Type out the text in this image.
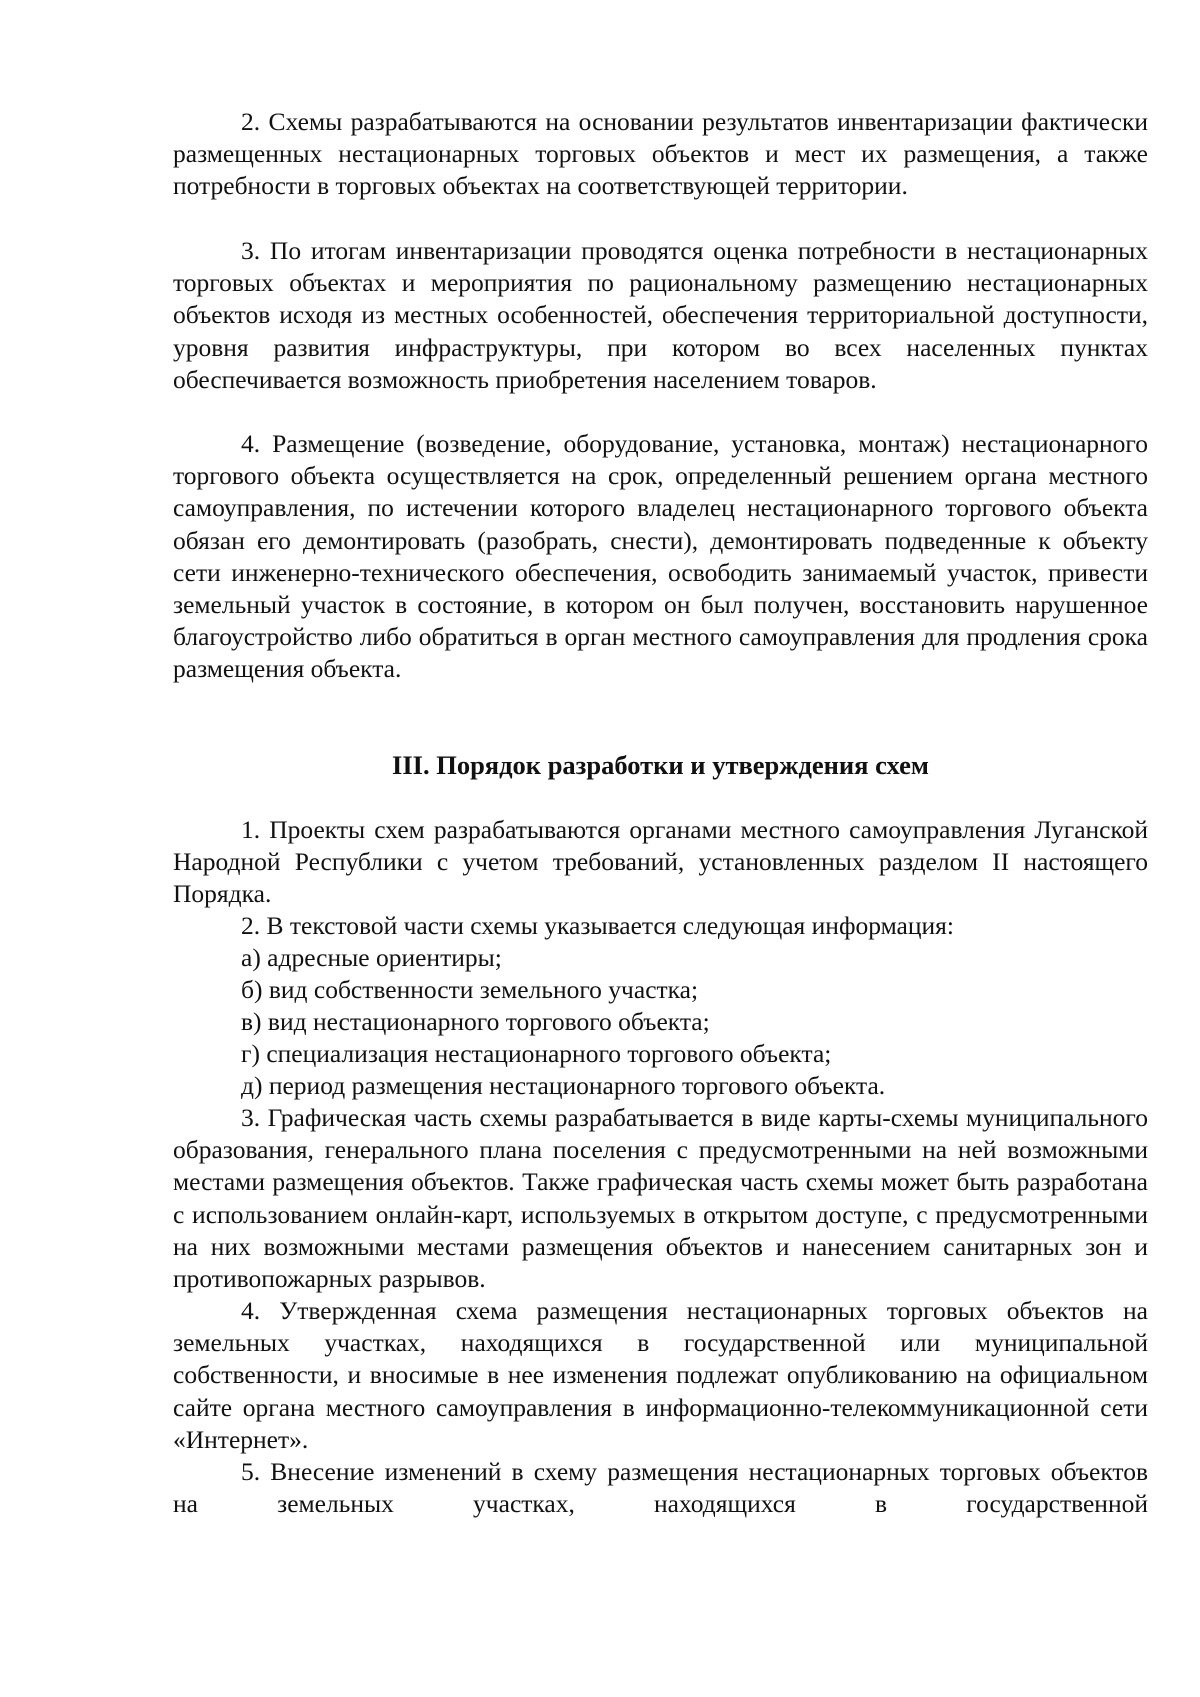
2. Схемы разрабатываются на основании результатов инвентаризации фактически размещенных нестационарных торговых объектов и мест их размещения, а также потребности в торговых объектах на соответствующей территории.

3. По итогам инвентаризации проводятся оценка потребности в нестационарных торговых объектах и мероприятия по рациональному размещению нестационарных объектов исходя из местных особенностей, обеспечения территориальной доступности, уровня развития инфраструктуры, при котором во всех населенных пунктах обеспечивается возможность приобретения населением товаров.

4. Размещение (возведение, оборудование, установка, монтаж) нестационарного торгового объекта осуществляется на срок, определенный решением органа местного самоуправления, по истечении которого владелец нестационарного торгового объекта обязан его демонтировать (разобрать, снести), демонтировать подведенные к объекту сети инженерно-технического обеспечения, освободить занимаемый участок, привести земельный участок в состояние, в котором он был получен, восстановить нарушенное благоустройство либо обратиться в орган местного самоуправления для продления срока размещения объекта.

III. Порядок разработки и утверждения схем

1. Проекты схем разрабатываются органами местного самоуправления Луганской Народной Республики с учетом требований, установленных разделом II настоящего Порядка.

2. В текстовой части схемы указывается следующая информация:

а) адресные ориентиры;

б) вид собственности земельного участка;

в) вид нестационарного торгового объекта;

г) специализация нестационарного торгового объекта;

д) период размещения нестационарного торгового объекта.

3. Графическая часть схемы разрабатывается в виде карты-схемы муниципального образования, генерального плана поселения с предусмотренными на ней возможными местами размещения объектов. Также графическая часть схемы может быть разработана с использованием онлайн-карт, используемых в открытом доступе, с предусмотренными на них возможными местами размещения объектов и нанесением санитарных зон и противопожарных разрывов.

4. Утвержденная схема размещения нестационарных торговых объектов на земельных участках, находящихся в государственной или муниципальной собственности, и вносимые в нее изменения подлежат опубликованию на официальном сайте органа местного самоуправления в информационно-телекоммуникационной сети «Интернет».

5. Внесение изменений в схему размещения нестационарных торговых объектов на земельных участках, находящихся в государственной
